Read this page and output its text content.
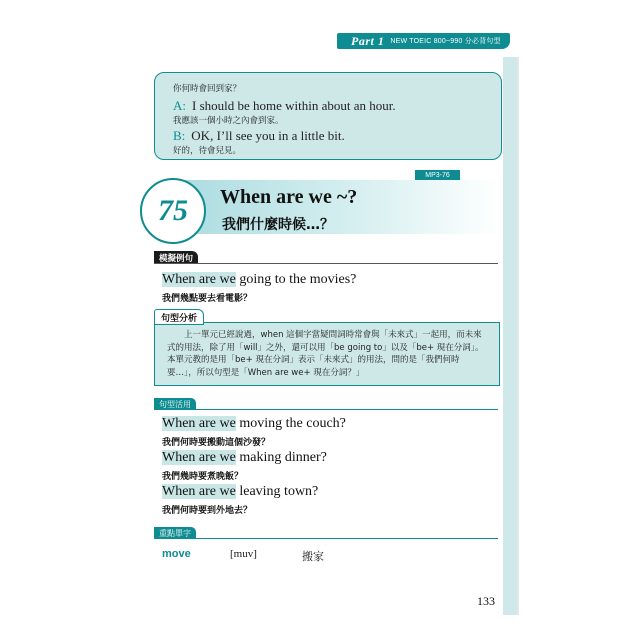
Part 1 NEW TOEIC 800~990 分必背句型
你何時會回到家？
A: I should be home within about an hour.
我應該一個小時之內會到家。
B: OK, I’ll see you in a little bit.
好的，待會兒見。
MP3-76
75 When are we ~?
我們什麼時候…？
模擬例句
When are we going to the movies?
我們幾點要去看電影？
句型分析

上一單元已經說過，when 這個字當疑問詞時常會與「未來式」一起用，而未來式的用法，除了用「will」之外，還可以用「be going to」以及「be+ 現在分詞」。本單元教的是用「be+ 現在分詞」表示「未來式」的用法，問的是「我們何時要…」，所以句型是「When are we+ 現在分詞？」

句型活用
When are we moving the couch?
我們何時要搬動這個沙發？
When are we making dinner?
我們幾時要煮晚飯？
When are we leaving town?
我們何時要到外地去？
重點單字
move	[muv]	搬家
133
